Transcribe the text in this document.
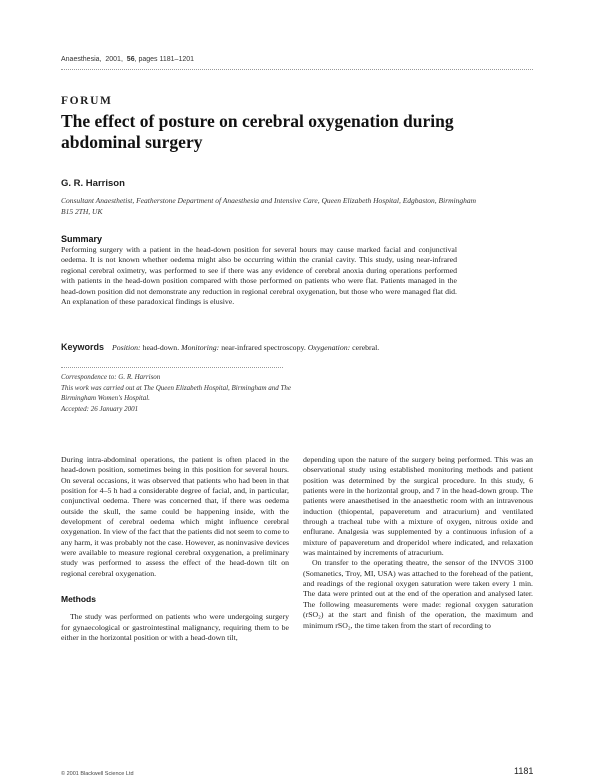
Anaesthesia, 2001, 56, pages 1181–1201
FORUM
The effect of posture on cerebral oxygenation during abdominal surgery
G. R. Harrison
Consultant Anaesthetist, Featherstone Department of Anaesthesia and Intensive Care, Queen Elizabeth Hospital, Edgbaston, Birmingham B15 2TH, UK
Summary
Performing surgery with a patient in the head-down position for several hours may cause marked facial and conjunctival oedema. It is not known whether oedema might also be occurring within the cranial cavity. This study, using near-infrared regional cerebral oximetry, was performed to see if there was any evidence of cerebral anoxia during operations performed with patients in the head-down position compared with those performed on patients who were flat. Patients managed in the head-down position did not demonstrate any reduction in regional cerebral oxygenation, but those who were managed flat did. An explanation of these paradoxical findings is elusive.
Keywords Position: head-down. Monitoring: near-infrared spectroscopy. Oxygenation: cerebral.
Correspondence to: G. R. Harrison
This work was carried out at The Queen Elizabeth Hospital, Birmingham and The Birmingham Women's Hospital.
Accepted: 26 January 2001

During intra-abdominal operations, the patient is often placed in the head-down position, sometimes being in this position for several hours. On several occasions, it was observed that patients who had been in that position for 4–5 h had a considerable degree of facial, and, in particular, conjunctival oedema. There was concerned that, if there was oedema outside the skull, the same could be happening inside, with the development of cerebral oedema which might influence cerebral oxygenation. In view of the fact that the patients did not seem to come to any harm, it was probably not the case. However, as noninvasive devices were available to measure regional cerebral oxygenation, a preliminary study was performed to assess the effect of the head-down tilt on regional cerebral oxygenation.

Methods

The study was performed on patients who were undergoing surgery for gynaecological or gastrointestinal malignancy, requiring them to be either in the horizontal position or with a head-down tilt,

depending upon the nature of the surgery being performed. This was an observational study using established monitoring methods and patient position was determined by the surgical procedure. In this study, 6 patients were in the horizontal group, and 7 in the head-down group. The patients were anaesthetised in the anaesthetic room with an intravenous induction (thiopental, papaveretum and atracurium) and ventilated through a tracheal tube with a mixture of oxygen, nitrous oxide and enflurane. Analgesia was supplemented by a continuous infusion of a mixture of papaveretum and droperidol where indicated, and relaxation was maintained by increments of atracurium.

On transfer to the operating theatre, the sensor of the INVOS 3100 (Somanetics, Troy, MI, USA) was attached to the forehead of the patient, and readings of the regional oxygen saturation were taken every 1 min. The data were printed out at the end of the operation and analysed later. The following measurements were made: regional oxygen saturation (rSO₂) at the start and finish of the operation, the maximum and minimum rSO₂, the time taken from the start of recording to

© 2001 Blackwell Science Ltd	1181
